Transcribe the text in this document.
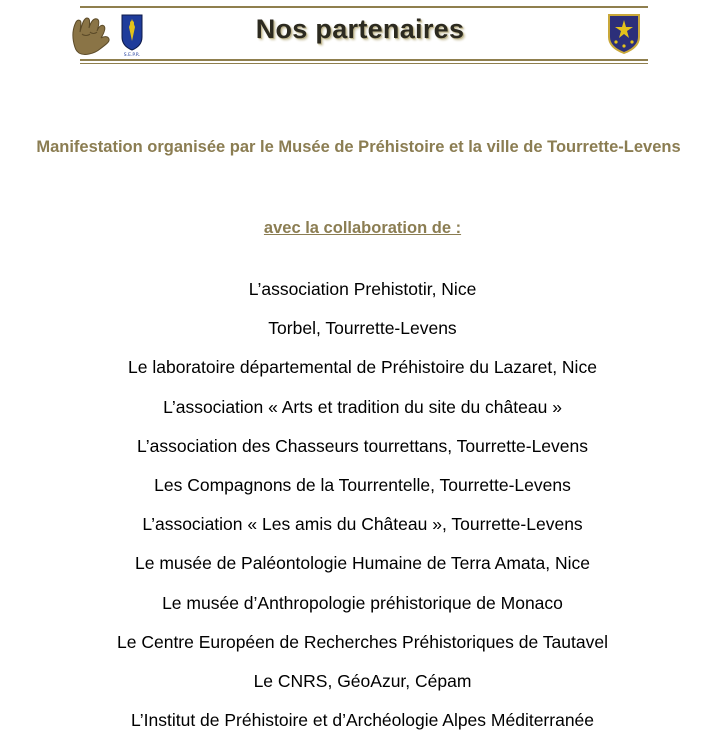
S.E.P.R.
Nos partenaires
Manifestation organisée par le Musée de Préhistoire et la ville de Tourrette-Levens
avec la collaboration de :
L’association Prehistotir, Nice
Torbel, Tourrette-Levens
Le laboratoire départemental de Préhistoire du Lazaret, Nice
L’association « Arts et tradition du site du château »
L’association des Chasseurs tourrettans, Tourrette-Levens
Les Compagnons de la Tourrentelle, Tourrette-Levens
L’association « Les amis du Château », Tourrette-Levens
Le musée de Paléontologie Humaine de Terra Amata, Nice
Le musée d’Anthropologie préhistorique de Monaco
Le Centre Européen de Recherches Préhistoriques de Tautavel
Le CNRS, GéoAzur, Cépam
L’Institut de Préhistoire et d’Archéologie Alpes Méditerranée
